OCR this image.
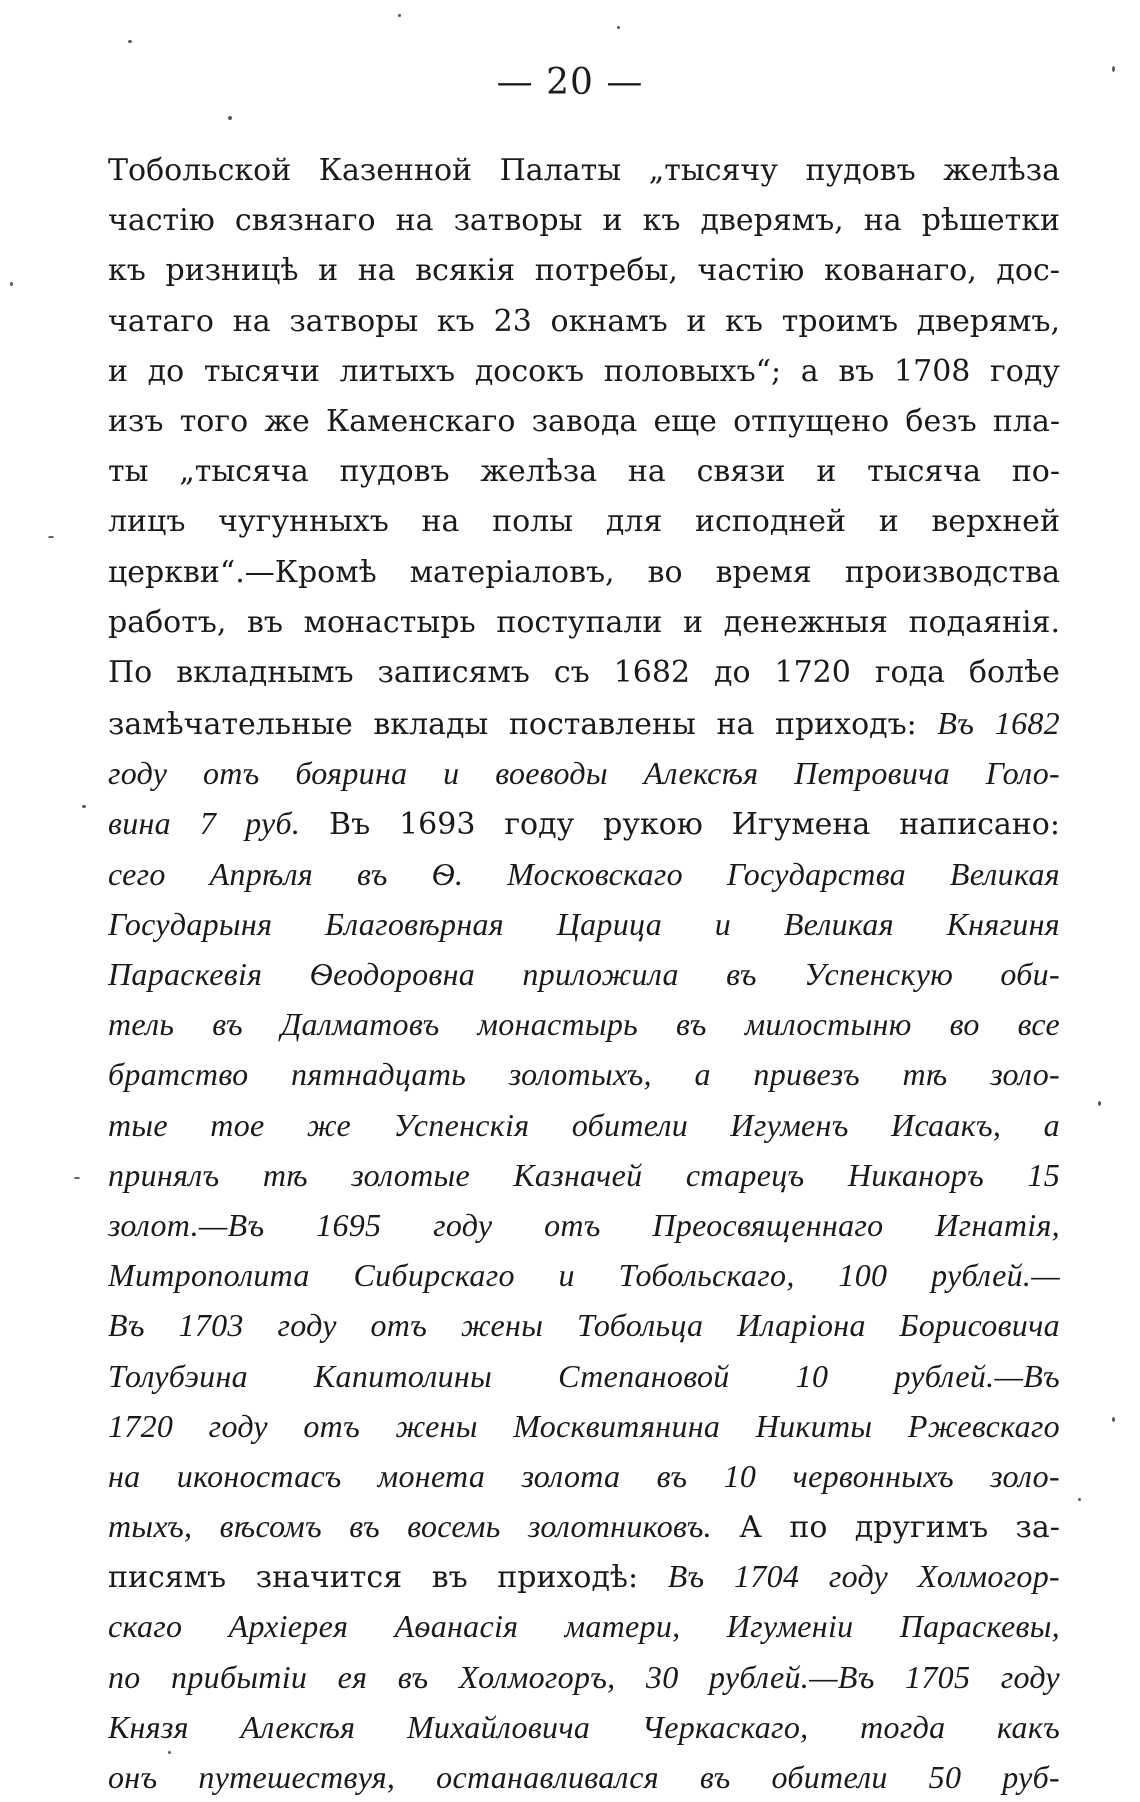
— 20 —
Тобольской Казенной Палаты „тысячу пудовъ желѣза
частію связнаго на затворы и къ дверямъ, на рѣшетки
къ ризницѣ и на всякія потребы, частію кованаго, дос-
чатаго на затворы къ 23 окнамъ и къ троимъ дверямъ,
и до тысячи литыхъ досокъ половыхъ“; а въ 1708 году
изъ того же Каменскаго завода еще отпущено безъ пла-
ты „тысяча пудовъ желѣза на связи и тысяча по-
лицъ чугунныхъ на полы для исподней и верхней
церкви“.—Кромѣ матеріаловъ, во время производства
работъ, въ монастырь поступали и денежныя подаянія.
По вкладнымъ записямъ съ 1682 до 1720 года болѣе
замѣчательные вклады поставлены на приходъ: Въ 1682
году отъ боярина и воеводы Алексѣя Петровича Голо-
вина 7 руб. Въ 1693 году рукою Игумена написано:
сего Апрѣля въ Ѳ. Московскаго Государства Великая
Государыня Благовѣрная Царица и Великая Княгиня
Параскевія Ѳеодоровна приложила въ Успенскую оби-
тель въ Далматовъ монастырь въ милостыню во все
братство пятнадцать золотыхъ, а привезъ тѣ золо-
тые тое же Успенскія обители Игуменъ Исаакъ, а
принялъ тѣ золотые Казначей старецъ Никаноръ 15
золот.—Въ 1695 году отъ Преосвященнаго Игнатія,
Митрополита Сибирскаго и Тобольскаго, 100 рублей.—
Въ 1703 году отъ жены Тобольца Иларіона Борисовича
Толубэина Капитолины Степановой 10 рублей.—Въ
1720 году отъ жены Москвитянина Никиты Ржевскаго
на иконостасъ монета золота въ 10 червонныхъ золо-
тыхъ, вѣсомъ въ восемь золотниковъ. А по другимъ за-
писямъ значится въ приходѣ: Въ 1704 году Холмогор-
скаго Архіерея Аѳанасія матери, Игуменіи Параскевы,
по прибытіи ея въ Холмогоръ, 30 рублей.—Въ 1705 году
Князя Алексѣя Михайловича Черкаскаго, тогда какъ
онъ путешествуя, останавливался въ обители 50 руб-
